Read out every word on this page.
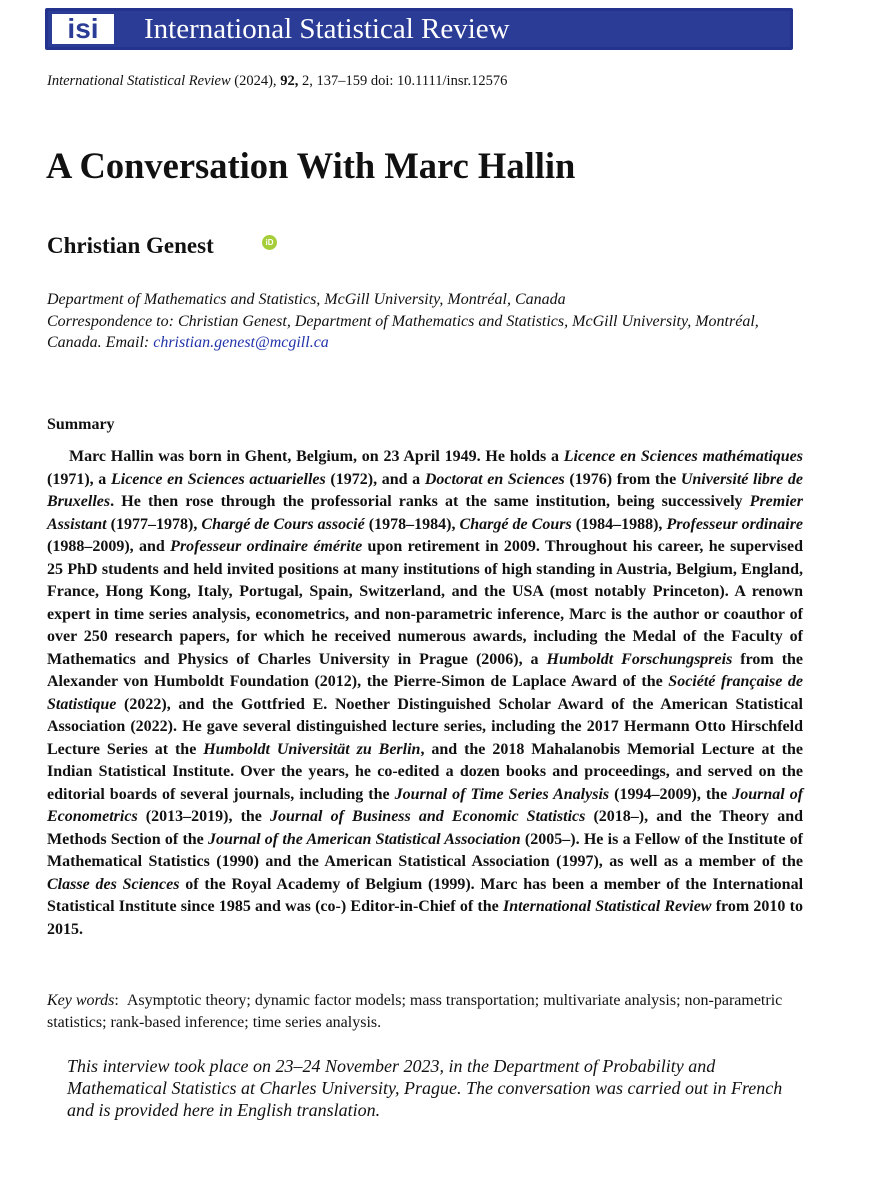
isi	International Statistical Review
International Statistical Review (2024), 92, 2, 137–159 doi: 10.1111/insr.12576
A Conversation With Marc Hallin
Christian Genest	iD
Department of Mathematics and Statistics, McGill University, Montréal, Canada
Correspondence to: Christian Genest, Department of Mathematics and Statistics, McGill University, Montréal, Canada. Email: christian.genest@mcgill.ca
Summary

Marc Hallin was born in Ghent, Belgium, on 23 April 1949. He holds a Licence en Sciences mathématiques (1971), a Licence en Sciences actuarielles (1972), and a Doctorat en Sciences (1976) from the Université libre de Bruxelles. He then rose through the professorial ranks at the same institution, being successively Premier Assistant (1977–1978), Chargé de Cours associé (1978–1984), Chargé de Cours (1984–1988), Professeur ordinaire (1988–2009), and Professeur ordinaire émérite upon retirement in 2009. Throughout his career, he supervised 25 PhD students and held invited positions at many institutions of high standing in Austria, Belgium, England, France, Hong Kong, Italy, Portugal, Spain, Switzerland, and the USA (most notably Princeton). A renown expert in time series analysis, econometrics, and non-parametric inference, Marc is the author or coauthor of over 250 research papers, for which he received numerous awards, including the Medal of the Faculty of Mathematics and Physics of Charles University in Prague (2006), a Humboldt Forschungspreis from the Alexander von Humboldt Foundation (2012), the Pierre-Simon de Laplace Award of the Société française de Statistique (2022), and the Gottfried E. Noether Distinguished Scholar Award of the American Statistical Association (2022). He gave several distinguished lecture series, including the 2017 Hermann Otto Hirschfeld Lecture Series at the Humboldt Universität zu Berlin, and the 2018 Mahalanobis Memorial Lecture at the Indian Statistical Institute. Over the years, he co-edited a dozen books and proceedings, and served on the editorial boards of several journals, including the Journal of Time Series Analysis (1994–2009), the Journal of Econometrics (2013–2019), the Journal of Business and Economic Statistics (2018–), and the Theory and Methods Section of the Journal of the American Statistical Association (2005–). He is a Fellow of the Institute of Mathematical Statistics (1990) and the American Statistical Association (1997), as well as a member of the Classe des Sciences of the Royal Academy of Belgium (1999). Marc has been a member of the International Statistical Institute since 1985 and was (co-) Editor-in-Chief of the International Statistical Review from 2010 to 2015.

Key words:  Asymptotic theory; dynamic factor models; mass transportation; multivariate analysis; non-parametric statistics; rank-based inference; time series analysis.

This interview took place on 23–24 November 2023, in the Department of Probability and Mathematical Statistics at Charles University, Prague. The conversation was carried out in French and is provided here in English translation.
